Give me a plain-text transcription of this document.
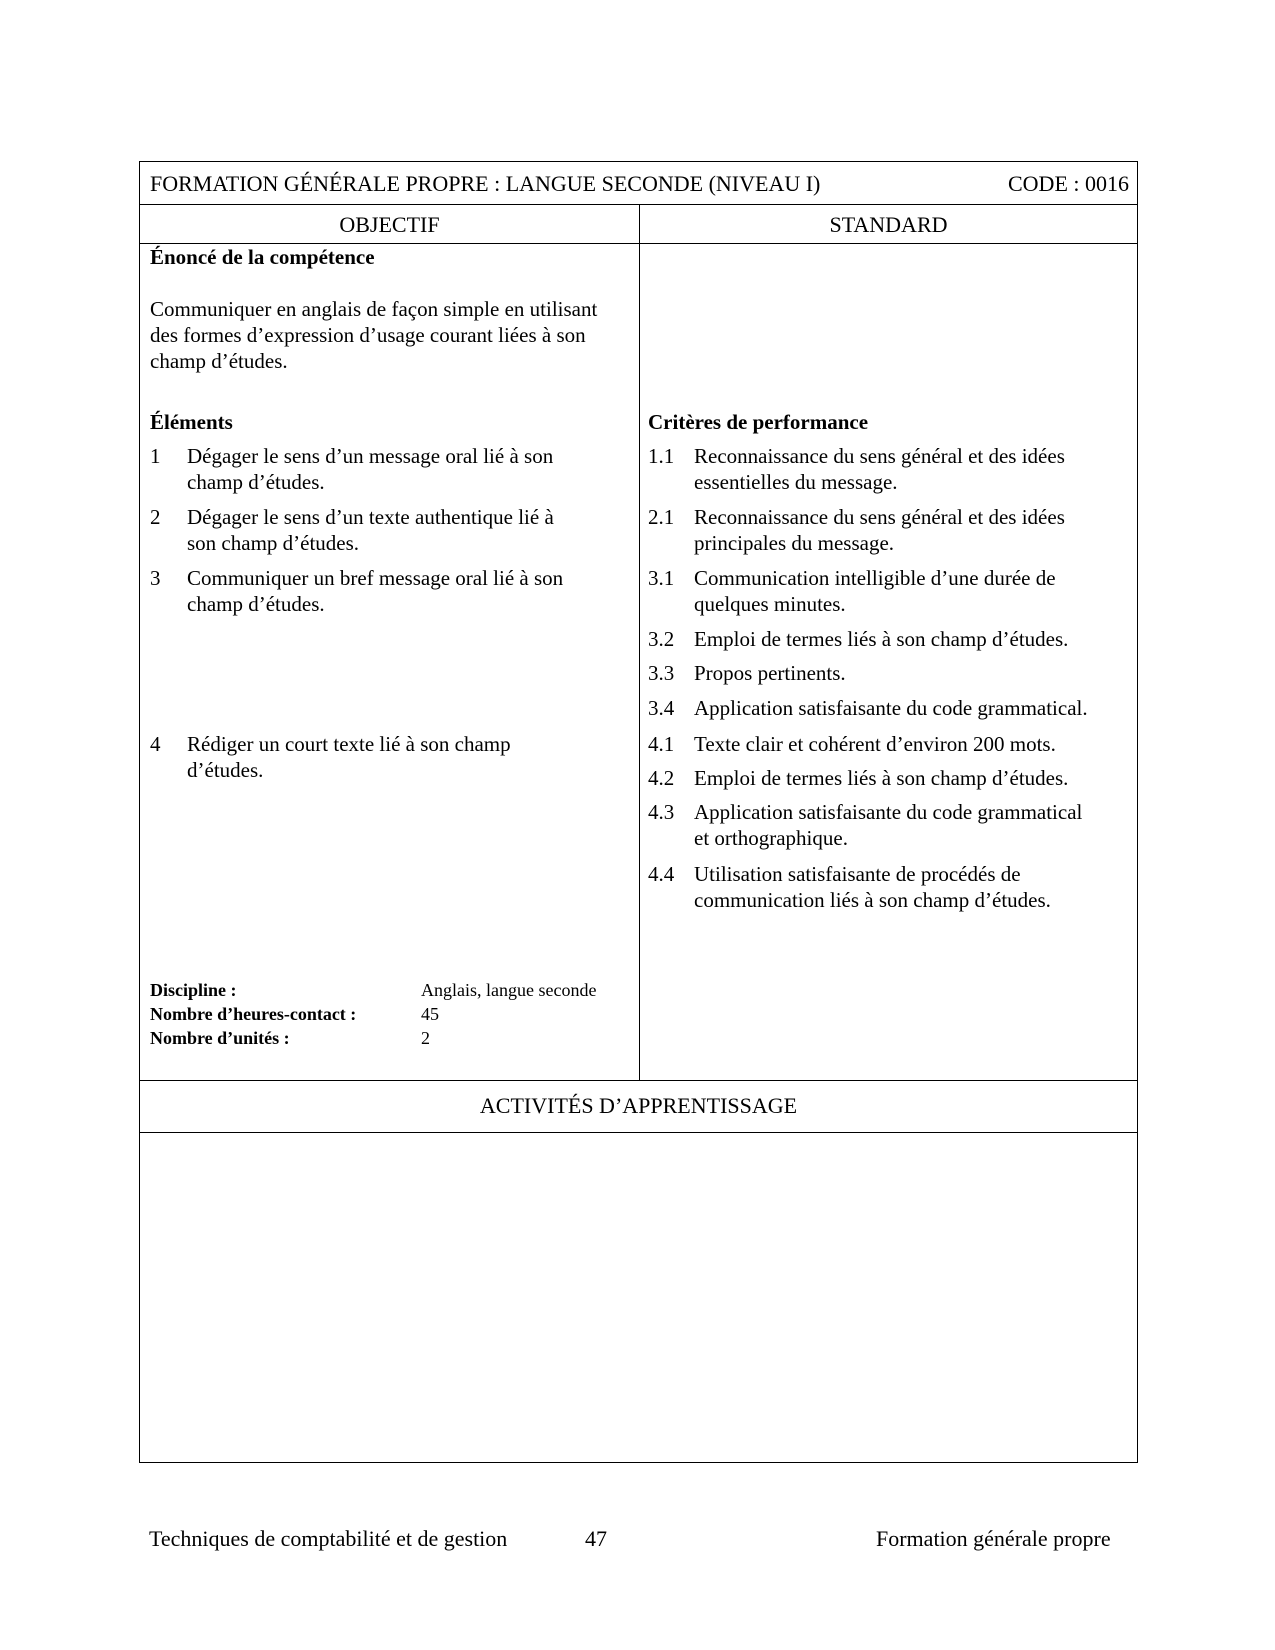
FORMATION GÉNÉRALE PROPRE : LANGUE SECONDE (NIVEAU I)	CODE : 0016
OBJECTIF	STANDARD
Énoncé de la compétence
Communiquer en anglais de façon simple en utilisant
des formes d’expression d’usage courant liées à son
champ d’études.
Éléments
1 Dégager le sens d’un message oral lié à son
champ d’études.
2 Dégager le sens d’un texte authentique lié à
son champ d’études.
3 Communiquer un bref message oral lié à son
champ d’études.
4 Rédiger un court texte lié à son champ
d’études.
Critères de performance
1.1 Reconnaissance du sens général et des idées
essentielles du message.
2.1 Reconnaissance du sens général et des idées
principales du message.
3.1 Communication intelligible d’une durée de
quelques minutes.
3.2 Emploi de termes liés à son champ d’études.
3.3 Propos pertinents.
3.4 Application satisfaisante du code grammatical.
4.1 Texte clair et cohérent d’environ 200 mots.
4.2 Emploi de termes liés à son champ d’études.
4.3 Application satisfaisante du code grammatical
et orthographique.
4.4 Utilisation satisfaisante de procédés de
communication liés à son champ d’études.
ACTIVITÉS D’APPRENTISSAGE
Discipline :	Anglais, langue seconde
Nombre d’heures-contact :	45
Nombre d’unités :	2
Techniques de comptabilité et de gestion	47	Formation générale propre
